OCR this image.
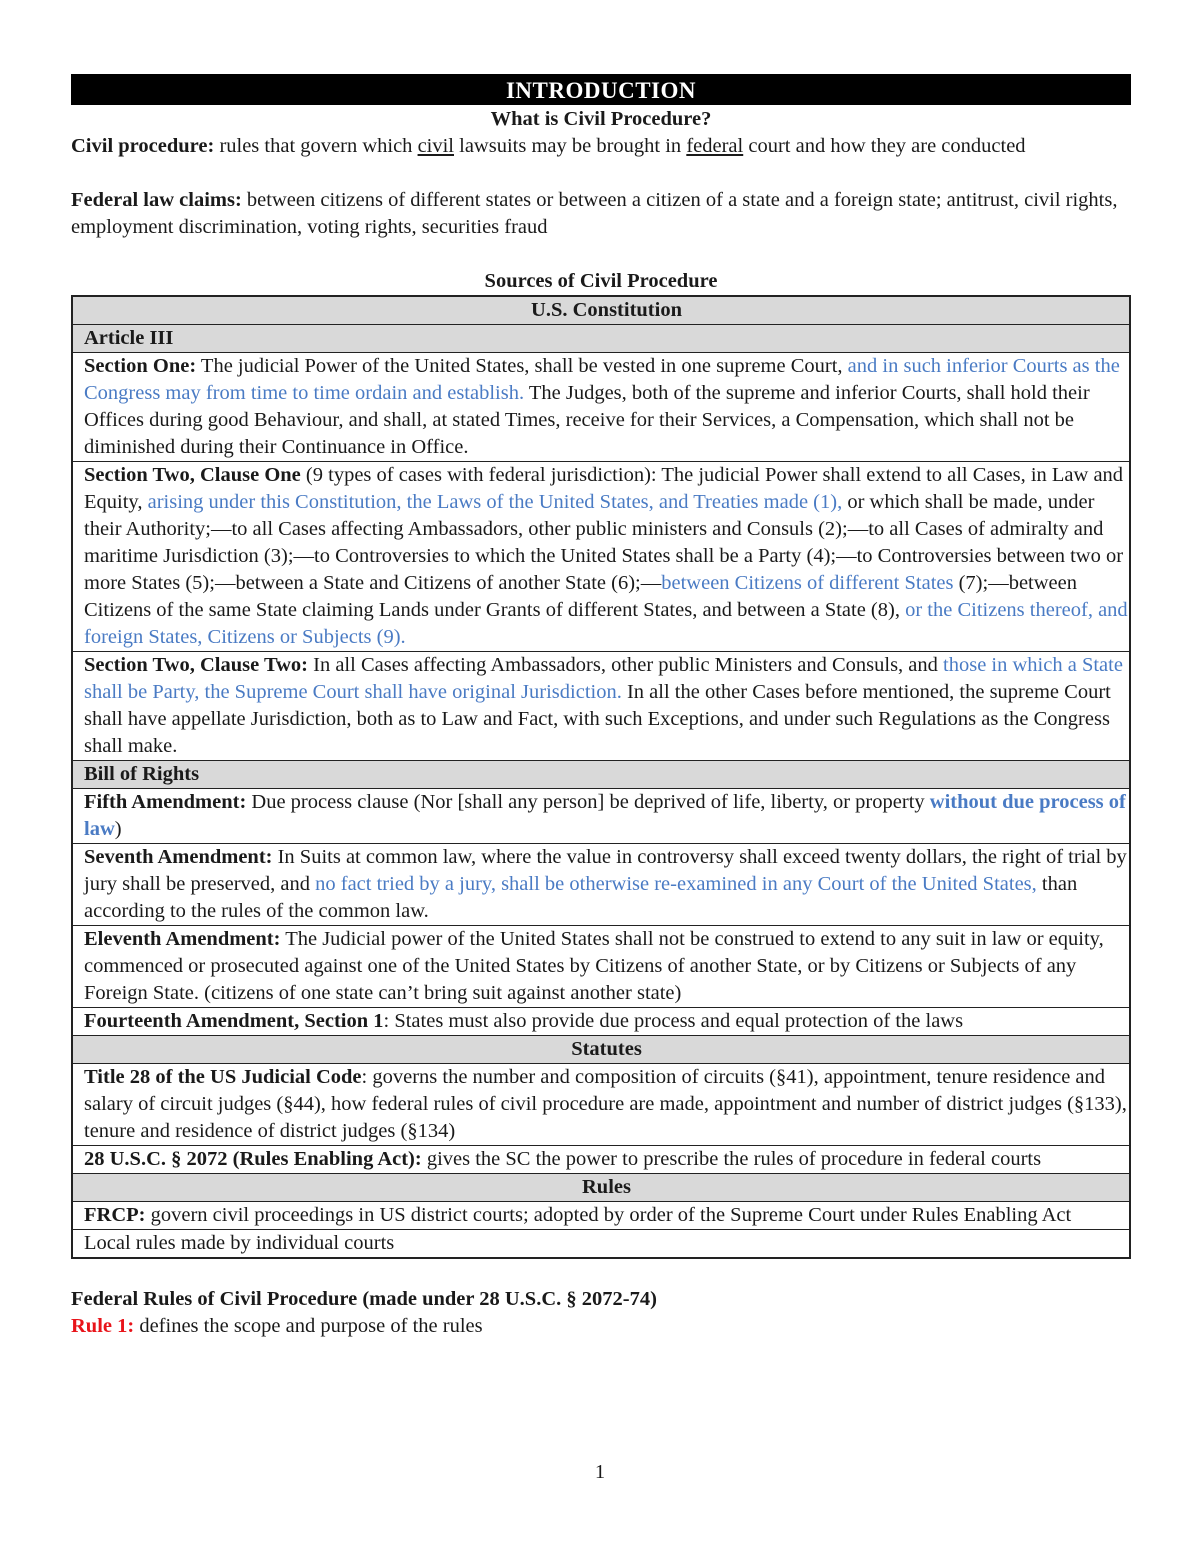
INTRODUCTION
What is Civil Procedure?

Civil procedure: rules that govern which civil lawsuits may be brought in federal court and how they are conducted

Federal law claims: between citizens of different states or between a citizen of a state and a foreign state; antitrust, civil rights, employment discrimination, voting rights, securities fraud

Sources of Civil Procedure
U.S. Constitution
Article III
Section One: The judicial Power of the United States, shall be vested in one supreme Court, and in such inferior Courts as the Congress may from time to time ordain and establish. The Judges, both of the supreme and inferior Courts, shall hold their Offices during good Behaviour, and shall, at stated Times, receive for their Services, a Compensation, which shall not be diminished during their Continuance in Office.
Section Two, Clause One (9 types of cases with federal jurisdiction): The judicial Power shall extend to all Cases, in Law and Equity, arising under this Constitution, the Laws of the United States, and Treaties made (1), or which shall be made, under their Authority;—to all Cases affecting Ambassadors, other public ministers and Consuls (2);—to all Cases of admiralty and maritime Jurisdiction (3);—to Controversies to which the United States shall be a Party (4);—to Controversies between two or more States (5);—between a State and Citizens of another State (6);—between Citizens of different States (7);—between Citizens of the same State claiming Lands under Grants of different States, and between a State (8), or the Citizens thereof, and foreign States, Citizens or Subjects (9).
Section Two, Clause Two: In all Cases affecting Ambassadors, other public Ministers and Consuls, and those in which a State shall be Party, the Supreme Court shall have original Jurisdiction. In all the other Cases before mentioned, the supreme Court shall have appellate Jurisdiction, both as to Law and Fact, with such Exceptions, and under such Regulations as the Congress shall make.
Bill of Rights
Fifth Amendment: Due process clause (Nor [shall any person] be deprived of life, liberty, or property without due process of law)
Seventh Amendment: In Suits at common law, where the value in controversy shall exceed twenty dollars, the right of trial by jury shall be preserved, and no fact tried by a jury, shall be otherwise re-examined in any Court of the United States, than according to the rules of the common law.
Eleventh Amendment: The Judicial power of the United States shall not be construed to extend to any suit in law or equity, commenced or prosecuted against one of the United States by Citizens of another State, or by Citizens or Subjects of any Foreign State. (citizens of one state can’t bring suit against another state)
Fourteenth Amendment, Section 1: States must also provide due process and equal protection of the laws
Statutes
Title 28 of the US Judicial Code: governs the number and composition of circuits (§41), appointment, tenure residence and salary of circuit judges (§44), how federal rules of civil procedure are made, appointment and number of district judges (§133), tenure and residence of district judges (§134)
28 U.S.C. § 2072 (Rules Enabling Act): gives the SC the power to prescribe the rules of procedure in federal courts
Rules
FRCP: govern civil proceedings in US district courts; adopted by order of the Supreme Court under Rules Enabling Act
Local rules made by individual courts

Federal Rules of Civil Procedure (made under 28 U.S.C. § 2072-74)

Rule 1: defines the scope and purpose of the rules

1
